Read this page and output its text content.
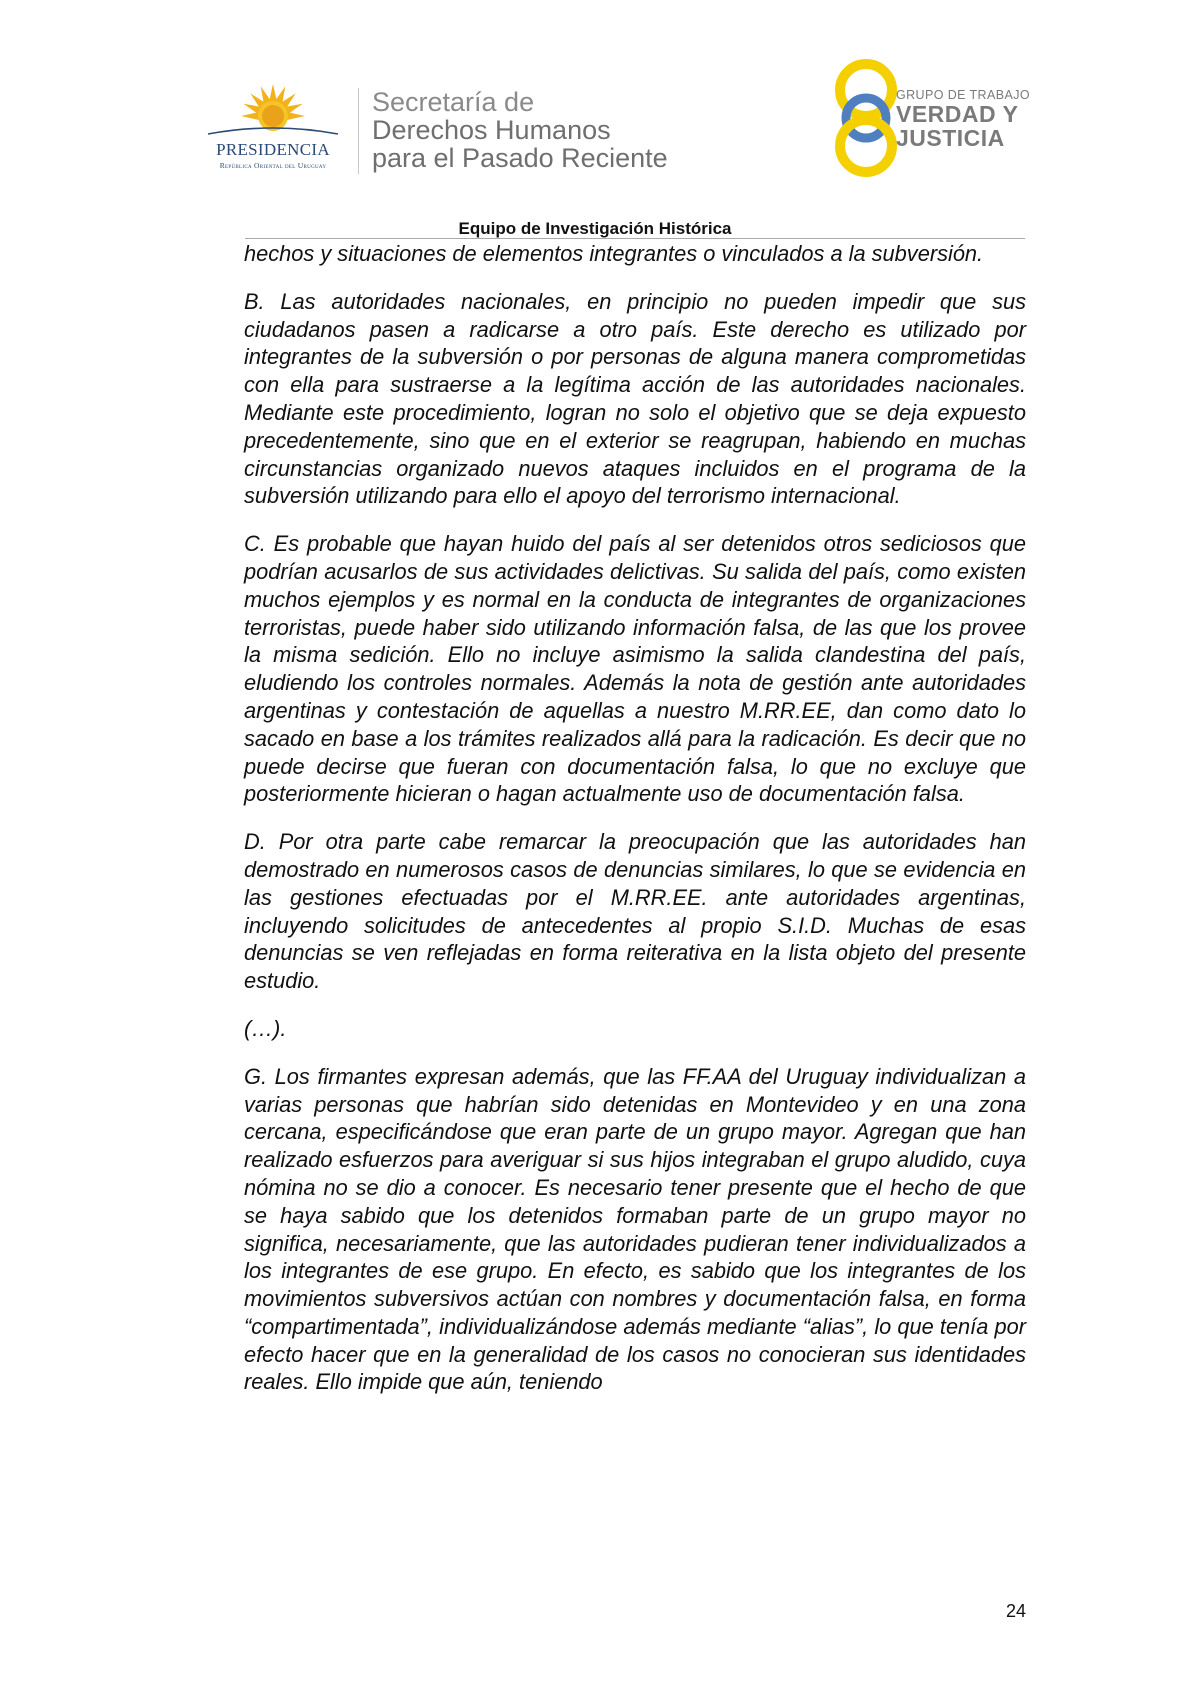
PRESIDENCIA
República Oriental del Uruguay
Secretaría de
Derechos Humanos
para el Pasado Reciente
GRUPO DE TRABAJO
VERDAD Y
JUSTICIA
Equipo de Investigación Histórica

hechos y situaciones de elementos integrantes o vinculados a la subversión.

B. Las autoridades nacionales, en principio no pueden impedir que sus ciudadanos pasen a radicarse a otro país. Este derecho es utilizado por integrantes de la subversión o por personas de alguna manera comprometidas con ella para sustraerse a la legítima acción de las autoridades nacionales. Mediante este procedimiento, logran no solo el objetivo que se deja expuesto precedentemente, sino que en el exterior se reagrupan, habiendo en muchas circunstancias organizado nuevos ataques incluidos en el programa de la subversión utilizando para ello el apoyo del terrorismo internacional.

C. Es probable que hayan huido del país al ser detenidos otros sediciosos que podrían acusarlos de sus actividades delictivas. Su salida del país, como existen muchos ejemplos y es normal en la conducta de integrantes de organizaciones terroristas, puede haber sido utilizando información falsa, de las que los provee la misma sedición. Ello no incluye asimismo la salida clandestina del país, eludiendo los controles normales. Además la nota de gestión ante autoridades argentinas y contestación de aquellas a nuestro M.RR.EE, dan como dato lo sacado en base a los trámites realizados allá para la radicación. Es decir que no puede decirse que fueran con documentación falsa, lo que no excluye que posteriormente hicieran o hagan actualmente uso de documentación falsa.

D. Por otra parte cabe remarcar la preocupación que las autoridades han demostrado en numerosos casos de denuncias similares, lo que se evidencia en las gestiones efectuadas por el M.RR.EE. ante autoridades argentinas, incluyendo solicitudes de antecedentes al propio S.I.D. Muchas de esas denuncias se ven reflejadas en forma reiterativa en la lista objeto del presente estudio.

(…).

G. Los firmantes expresan además, que las FF.AA del Uruguay individualizan a varias personas que habrían sido detenidas en Montevideo y en una zona cercana, especificándose que eran parte de un grupo mayor. Agregan que han realizado esfuerzos para averiguar si sus hijos integraban el grupo aludido, cuya nómina no se dio a conocer. Es necesario tener presente que el hecho de que se haya sabido que los detenidos formaban parte de un grupo mayor no significa, necesariamente, que las autoridades pudieran tener individualizados a los integrantes de ese grupo. En efecto, es sabido que los integrantes de los movimientos subversivos actúan con nombres y documentación falsa, en forma “compartimentada”, individualizándose además mediante “alias”, lo que tenía por efecto hacer que en la generalidad de los casos no conocieran sus identidades reales. Ello impide que aún, teniendo

24
